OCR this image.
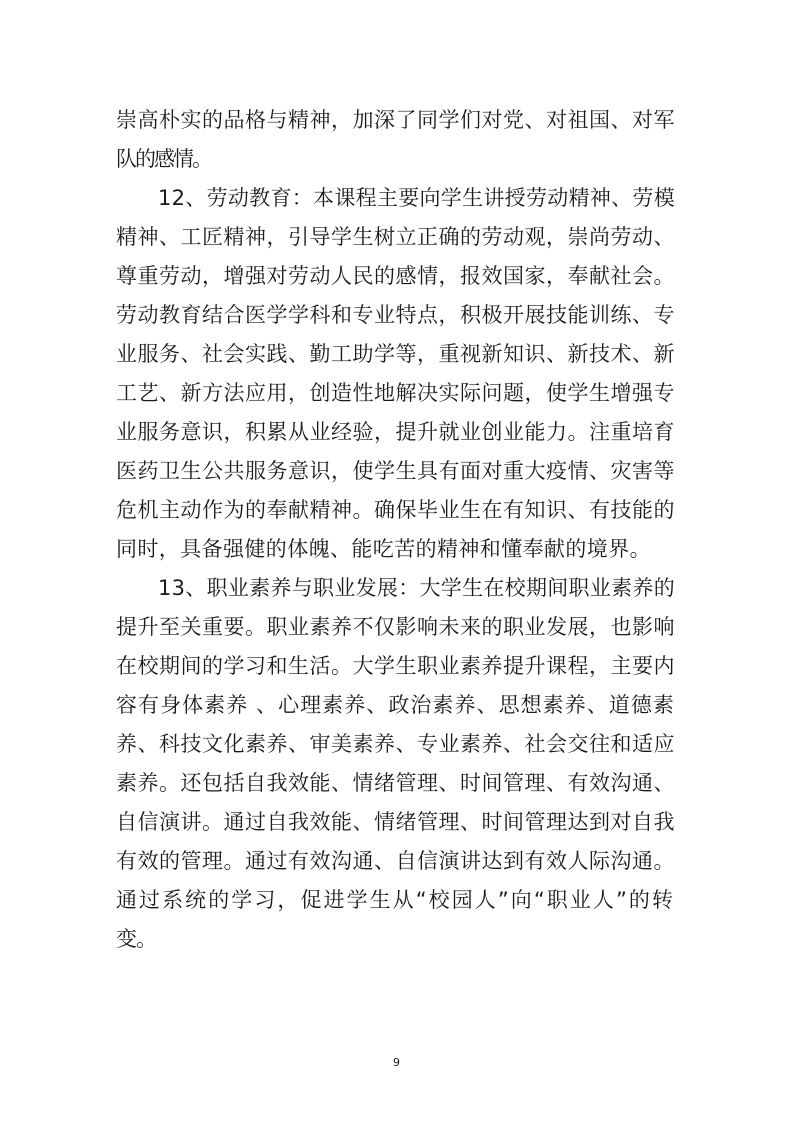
崇高朴实的品格与精神，加深了同学们对党、对祖国、对军
队的感情。
12、劳动教育：本课程主要向学生讲授劳动精神、劳模
精神、工匠精神，引导学生树立正确的劳动观，崇尚劳动、
尊重劳动，增强对劳动人民的感情，报效国家，奉献社会。
劳动教育结合医学学科和专业特点，积极开展技能训练、专
业服务、社会实践、勤工助学等，重视新知识、新技术、新
工艺、新方法应用，创造性地解决实际问题，使学生增强专
业服务意识，积累从业经验，提升就业创业能力。注重培育
医药卫生公共服务意识，使学生具有面对重大疫情、灾害等
危机主动作为的奉献精神。确保毕业生在有知识、有技能的
同时，具备强健的体魄、能吃苦的精神和懂奉献的境界。
13、职业素养与职业发展：大学生在校期间职业素养的
提升至关重要。职业素养不仅影响未来的职业发展，也影响
在校期间的学习和生活。大学生职业素养提升课程，主要内
容有身体素养 、心理素养、政治素养、思想素养、道德素
养、科技文化素养、审美素养、专业素养、社会交往和适应
素养。还包括自我效能、情绪管理、时间管理、有效沟通、
自信演讲。通过自我效能、情绪管理、时间管理达到对自我
有效的管理。通过有效沟通、自信演讲达到有效人际沟通。
通过系统的学习，促进学生从“校园人”向“职业人”的转
变。
9
